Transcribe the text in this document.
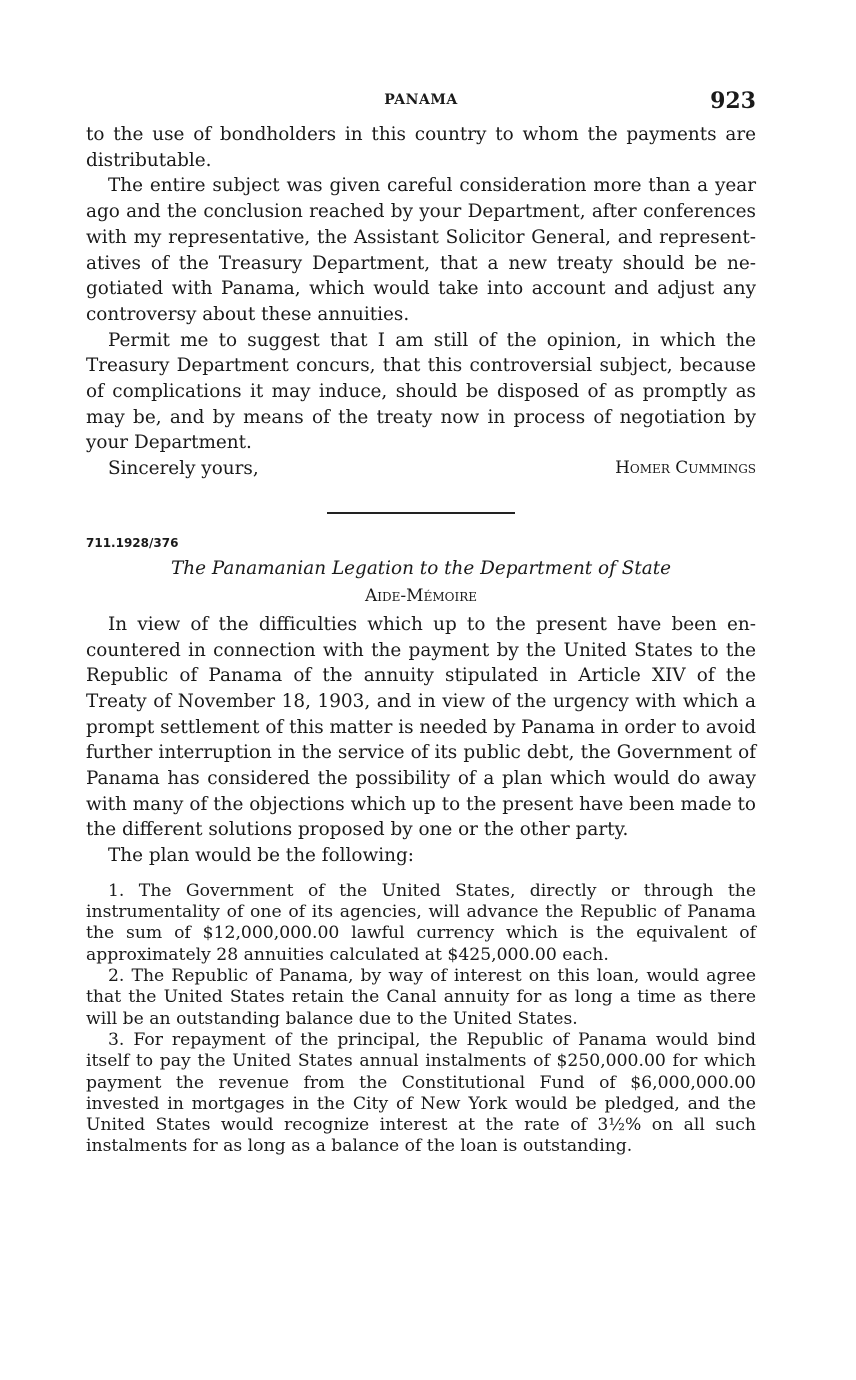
PANAMA	923

to the use of bondholders in this country to whom the payments are distributable.

The entire subject was given careful consideration more than a year ago and the conclusion reached by your Department, after conferences with my representative, the Assistant Solicitor General, and representatives of the Treasury Department, that a new treaty should be negotiated with Panama, which would take into account and adjust any controversy about these annuities.

Permit me to suggest that I am still of the opinion, in which the Treasury Department concurs, that this controversial subject, because of complications it may induce, should be disposed of as promptly as may be, and by means of the treaty now in process of negotiation by your Department.

Sincerely yours,	Homer Cummings
711.1928/376
The Panamanian Legation to the Department of State
Aide-Mémoire

In view of the difficulties which up to the present have been encountered in connection with the payment by the United States to the Republic of Panama of the annuity stipulated in Article XIV of the Treaty of November 18, 1903, and in view of the urgency with which a prompt settlement of this matter is needed by Panama in order to avoid further interruption in the service of its public debt, the Government of Panama has considered the possibility of a plan which would do away with many of the objections which up to the present have been made to the different solutions proposed by one or the other party.

The plan would be the following:

1. The Government of the United States, directly or through the instrumentality of one of its agencies, will advance the Republic of Panama the sum of $12,000,000.00 lawful currency which is the equivalent of approximately 28 annuities calculated at $425,000.00 each.

2. The Republic of Panama, by way of interest on this loan, would agree that the United States retain the Canal annuity for as long a time as there will be an outstanding balance due to the United States.

3. For repayment of the principal, the Republic of Panama would bind itself to pay the United States annual instalments of $250,000.00 for which payment the revenue from the Constitutional Fund of $6,000,000.00 invested in mortgages in the City of New York would be pledged, and the United States would recognize interest at the rate of 3½% on all such instalments for as long as a balance of the loan is outstanding.
